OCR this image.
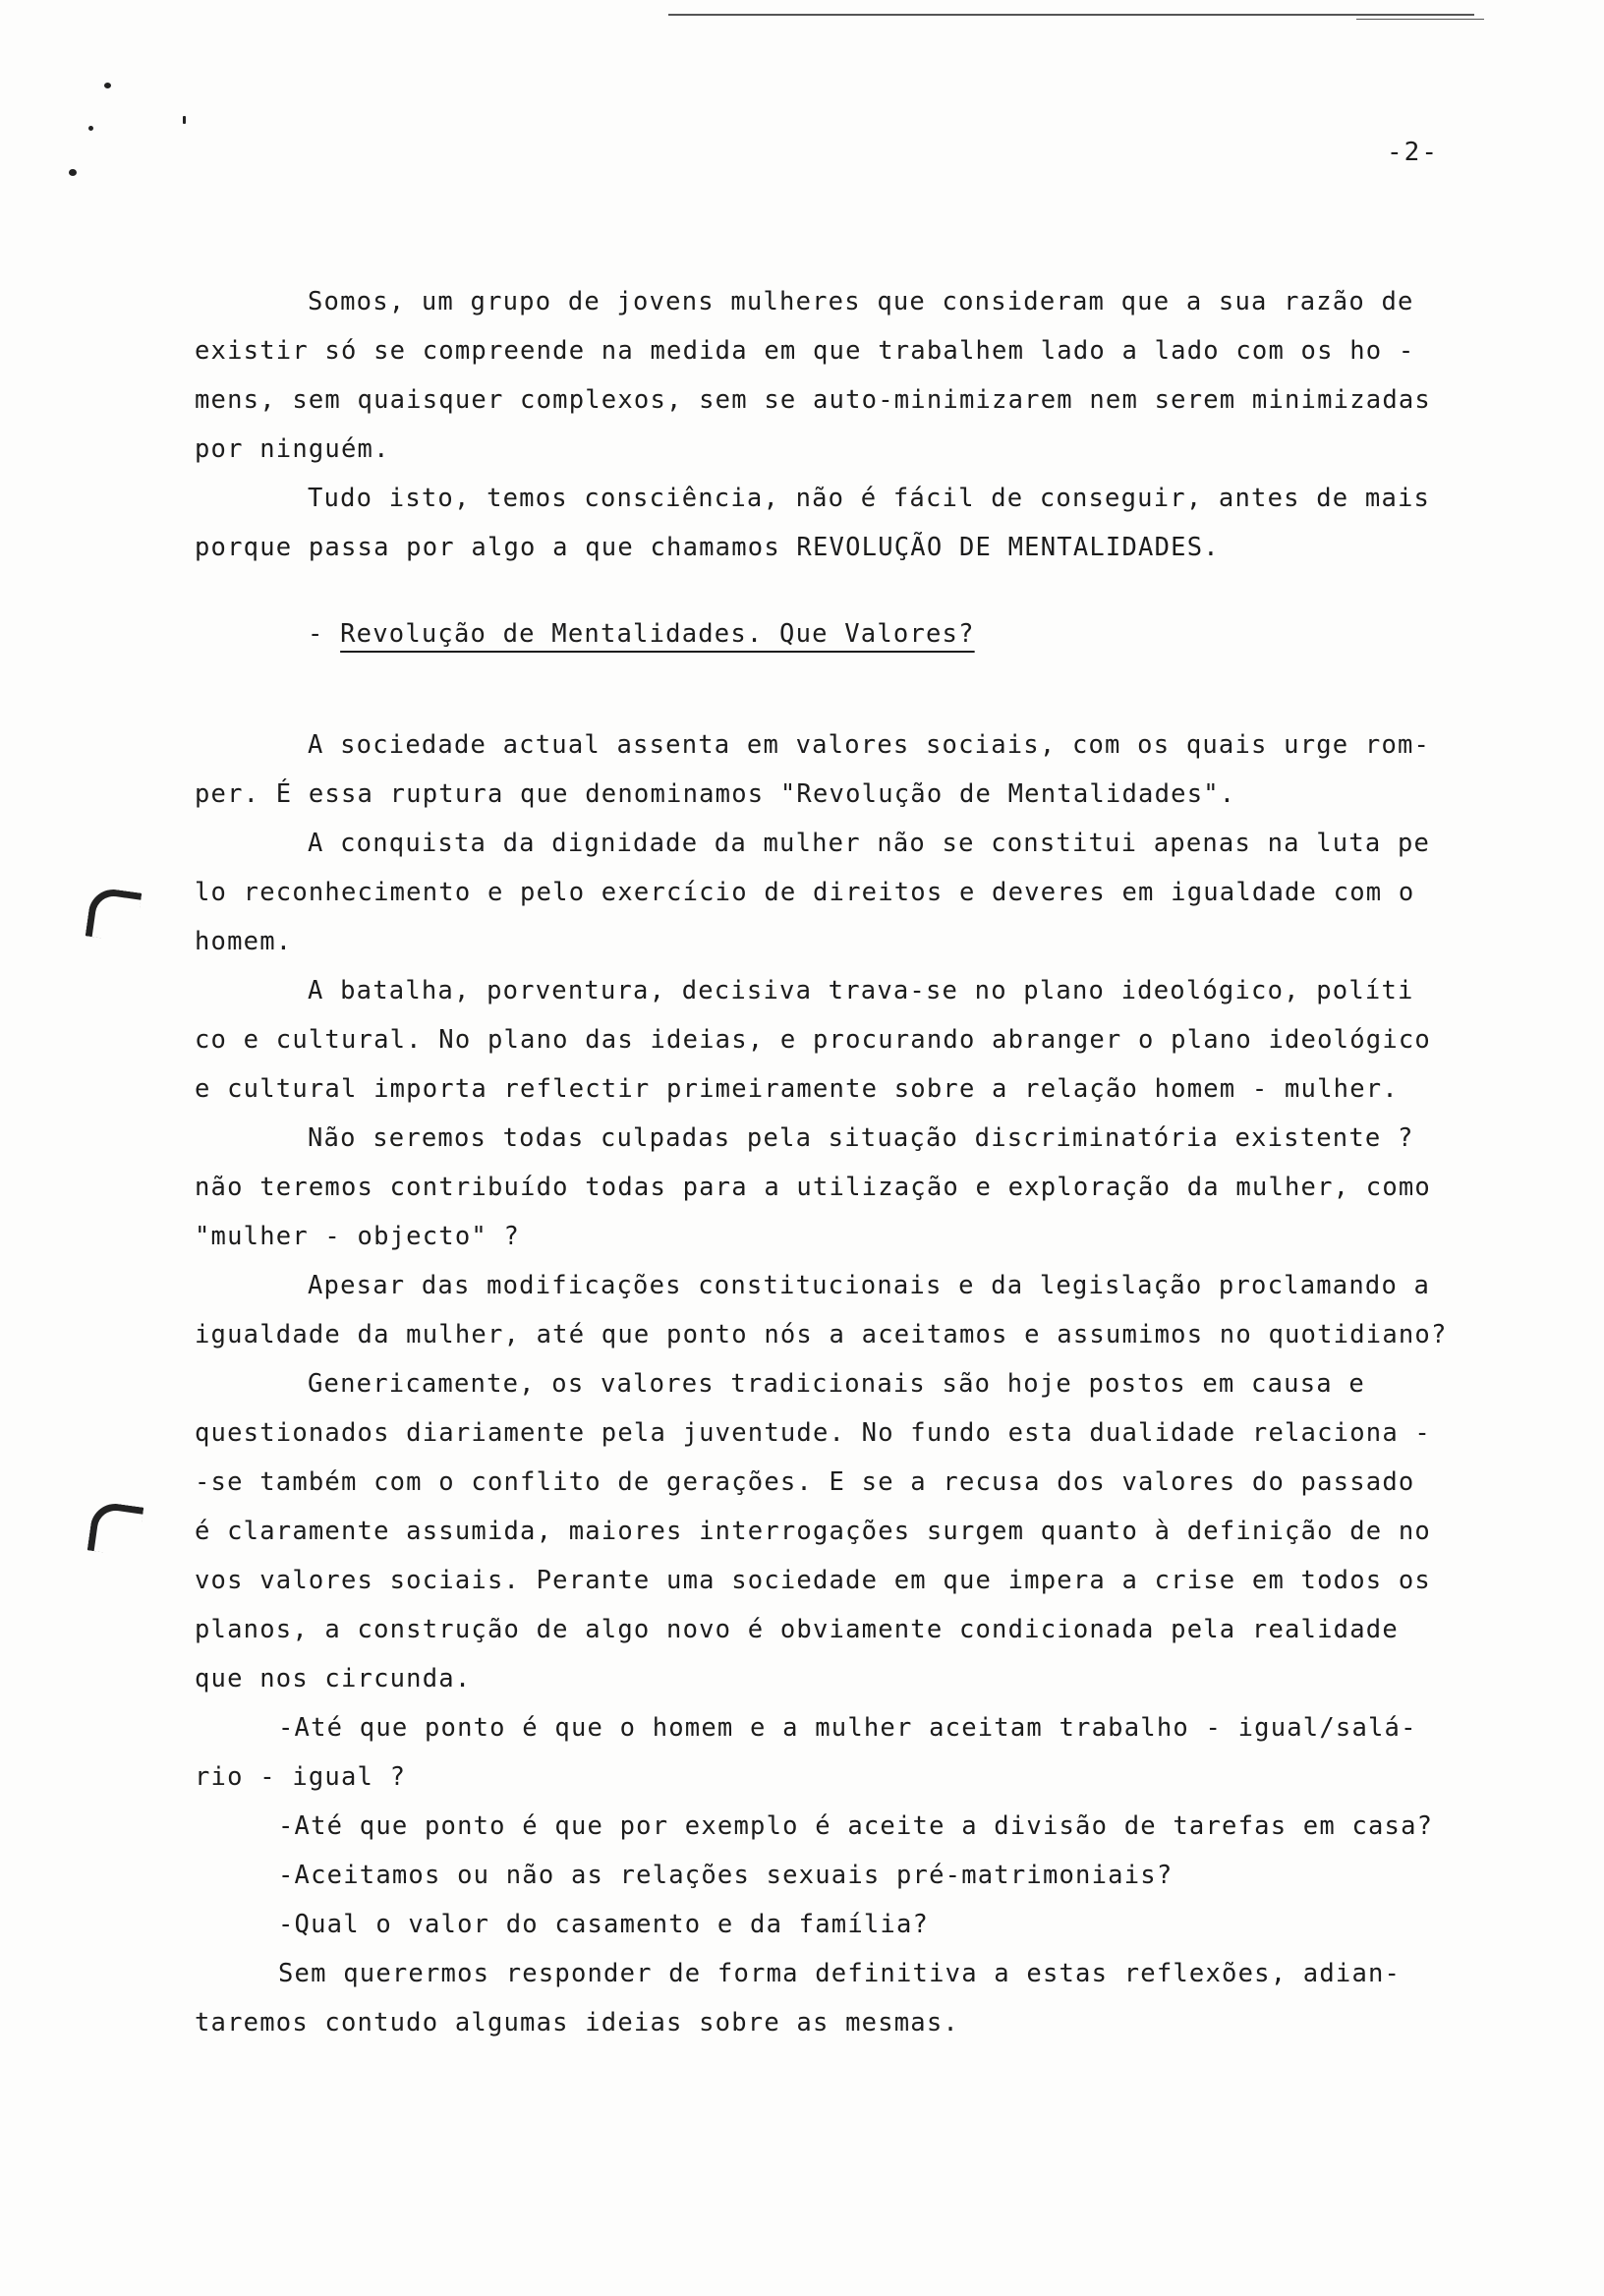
-2-
Somos, um grupo de jovens mulheres que consideram que a sua razão de
existir só se compreende na medida em que trabalhem lado a lado com os ho -
mens, sem quaisquer complexos, sem se auto-minimizarem nem serem minimizadas
por ninguém.
Tudo isto, temos consciência, não é fácil de conseguir, antes de mais
porque passa por algo a que chamamos REVOLUÇÃO DE MENTALIDADES.
- Revolução de Mentalidades. Que Valores?
A sociedade actual assenta em valores sociais, com os quais urge rom-
per. É essa ruptura que denominamos "Revolução de Mentalidades".
A conquista da dignidade da mulher não se constitui apenas na luta pe
lo reconhecimento e pelo exercício de direitos e deveres em igualdade com o
homem.
A batalha, porventura, decisiva trava-se no plano ideológico, políti
co e cultural. No plano das ideias, e procurando abranger o plano ideológico
e cultural importa reflectir primeiramente sobre a relação homem - mulher.
Não seremos todas culpadas pela situação discriminatória existente ?
não teremos contribuído todas para a utilização e exploração da mulher, como
"mulher - objecto" ?
Apesar das modificações constitucionais e da legislação proclamando a
igualdade da mulher, até que ponto nós a aceitamos e assumimos no quotidiano?
Genericamente, os valores tradicionais são hoje postos em causa e
questionados diariamente pela juventude. No fundo esta dualidade relaciona -
-se também com o conflito de gerações. E se a recusa dos valores do passado
é claramente assumida, maiores interrogações surgem quanto à definição de no
vos valores sociais. Perante uma sociedade em que impera a crise em todos os
planos, a construção de algo novo é obviamente condicionada pela realidade
que nos circunda.
-Até que ponto é que o homem e a mulher aceitam trabalho - igual/salá-
rio - igual ?
-Até que ponto é que por exemplo é aceite a divisão de tarefas em casa?
-Aceitamos ou não as relações sexuais pré-matrimoniais?
-Qual o valor do casamento e da família?
Sem querermos responder de forma definitiva a estas reflexões, adian-
taremos contudo algumas ideias sobre as mesmas.
